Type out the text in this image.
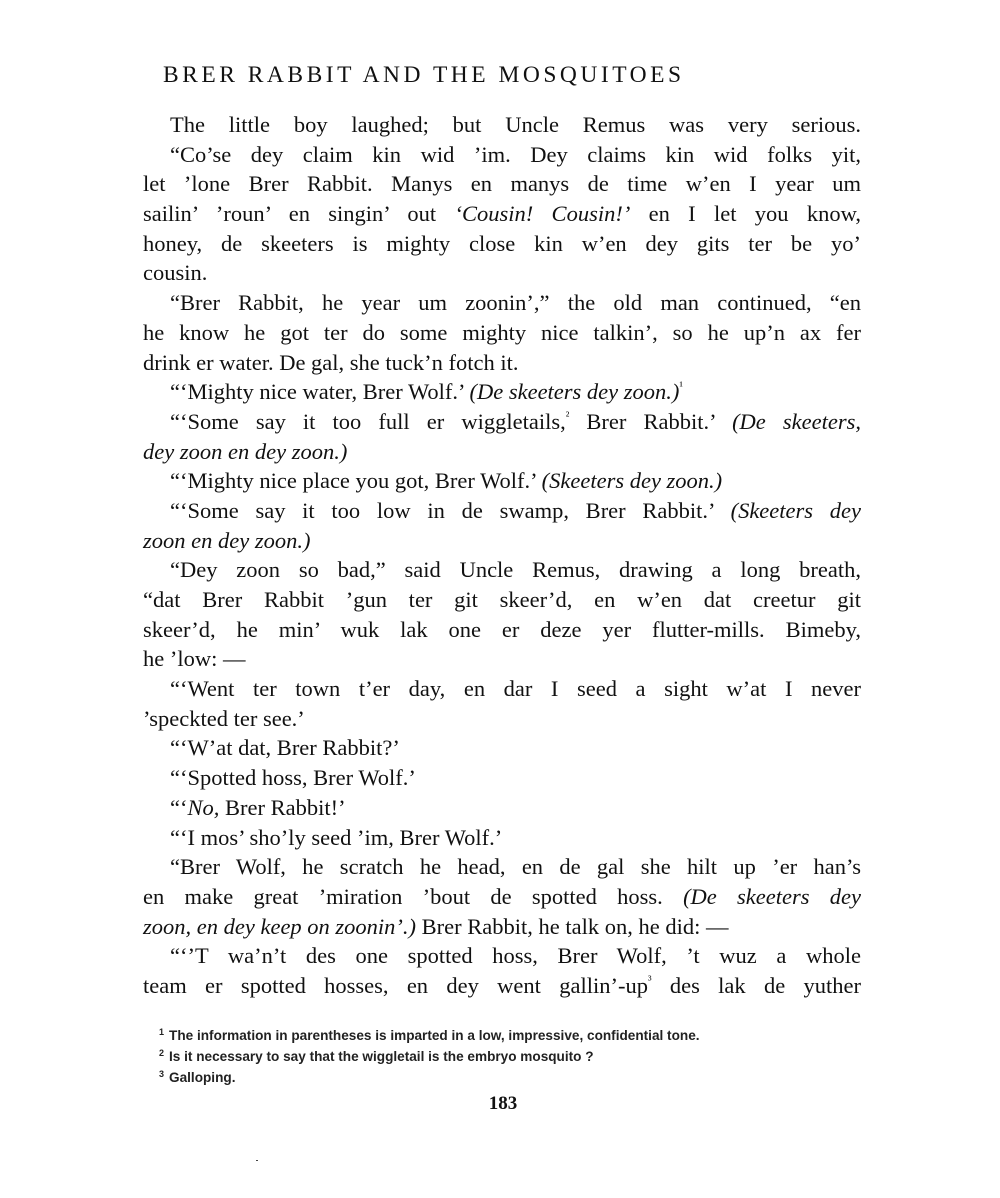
BRER RABBIT AND THE MOSQUITOES
The little boy laughed; but Uncle Remus was very serious.
“Co’se dey claim kin wid ’im. Dey claims kin wid folks yit,
let ’lone Brer Rabbit. Manys en manys de time w’en I year um
sailin’ ’roun’ en singin’ out ‘Cousin! Cousin!’ en I let you know,
honey, de skeeters is mighty close kin w’en dey gits ter be yo’
cousin.
“Brer Rabbit, he year um zoonin’,” the old man continued, “en
he know he got ter do some mighty nice talkin’, so he up’n ax fer
drink er water. De gal, she tuck’n fotch it.
“‘Mighty nice water, Brer Wolf.’ (De skeeters dey zoon.)$^{^1}$
“‘Some say it too full er wiggletails,$^{^2}$ Brer Rabbit.’ (De skeeters,
dey zoon en dey zoon.)
“‘Mighty nice place you got, Brer Wolf.’ (Skeeters dey zoon.)
“‘Some say it too low in de swamp, Brer Rabbit.’ (Skeeters dey
zoon en dey zoon.)
“Dey zoon so bad,” said Uncle Remus, drawing a long breath,
“dat Brer Rabbit ’gun ter git skeer’d, en w’en dat creetur git
skeer’d, he min’ wuk lak one er deze yer flutter-mills. Bimeby,
he ’low: —
“‘Went ter town t’er day, en dar I seed a sight w’at I never
’speckted ter see.’
“‘W’at dat, Brer Rabbit?’
“‘Spotted hoss, Brer Wolf.’
“‘No, Brer Rabbit!’
“‘I mos’ sho’ly seed ’im, Brer Wolf.’
“Brer Wolf, he scratch he head, en de gal she hilt up ’er han’s
en make great ’miration ’bout de spotted hoss. (De skeeters dey
zoon, en dey keep on zoonin’.) Brer Rabbit, he talk on, he did: —
“‘’T wa’n’t des one spotted hoss, Brer Wolf, ’t wuz a whole
team er spotted hosses, en dey went $gallin’-up^{^3}$ des lak de yuther
$^1$ The information in parentheses is imparted in a low, impressive, confidential tone.
$^2$ Is it necessary to say that the wiggletail is the embryo mosquito ?
$^3$ Galloping.
183
